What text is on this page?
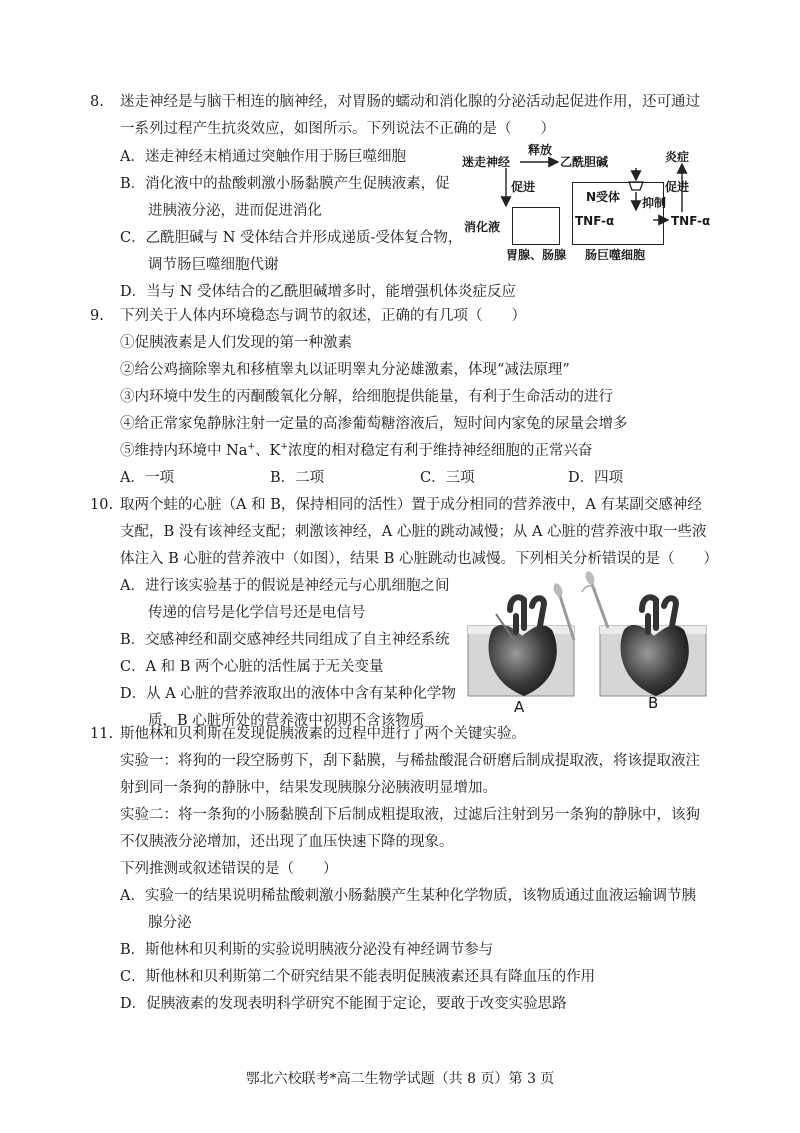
8. 迷走神经是与脑干相连的脑神经，对胃肠的蠕动和消化腺的分泌活动起促进作用，还可通过
一系列过程产生抗炎效应，如图所示。下列说法不正确的是（　　）
A．迷走神经末梢通过突触作用于肠巨噬细胞
B．消化液中的盐酸刺激小肠黏膜产生促胰液素，促
进胰液分泌，进而促进消化
C．乙酰胆碱与 N 受体结合并形成递质-受体复合物，
调节肠巨噬细胞代谢
D．当与 N 受体结合的乙酰胆碱增多时，能增强机体炎症反应
迷走神经
释放
乙酰胆碱
促进
炎症
促进
消化液
胃腺、肠腺
N受体 抑制
TNF-α	TNF-α
肠巨噬细胞
9. 下列关于人体内环境稳态与调节的叙述，正确的有几项（　　）
①促胰液素是人们发现的第一种激素
②给公鸡摘除睾丸和移植睾丸以证明睾丸分泌雄激素，体现“减法原理”
③内环境中发生的丙酮酸氧化分解，给细胞提供能量，有利于生命活动的进行
④给正常家兔静脉注射一定量的高渗葡萄糖溶液后，短时间内家兔的尿量会增多
⑤维持内环境中 Na+、K+浓度的相对稳定有利于维持神经细胞的正常兴奋
A．一项	B．二项	C．三项	D．四项
10. 取两个蛙的心脏（A 和 B，保持相同的活性）置于成分相同的营养液中，A 有某副交感神经
支配，B 没有该神经支配；刺激该神经，A 心脏的跳动减慢；从 A 心脏的营养液中取一些液
体注入 B 心脏的营养液中（如图），结果 B 心脏跳动也减慢。下列相关分析错误的是（　　）
A．进行该实验基于的假说是神经元与心肌细胞之间
传递的信号是化学信号还是电信号
B．交感神经和副交感神经共同组成了自主神经系统
C．A 和 B 两个心脏的活性属于无关变量
D．从 A 心脏的营养液取出的液体中含有某种化学物
质，B 心脏所处的营养液中初期不含该物质
A	B
11. 斯他林和贝利斯在发现促胰液素的过程中进行了两个关键实验。
实验一：将狗的一段空肠剪下，刮下黏膜，与稀盐酸混合研磨后制成提取液，将该提取液注
射到同一条狗的静脉中，结果发现胰腺分泌胰液明显增加。
实验二：将一条狗的小肠黏膜刮下后制成粗提取液，过滤后注射到另一条狗的静脉中，该狗
不仅胰液分泌增加，还出现了血压快速下降的现象。
下列推测或叙述错误的是（　　）
A．实验一的结果说明稀盐酸刺激小肠黏膜产生某种化学物质，该物质通过血液运输调节胰
腺分泌
B．斯他林和贝利斯的实验说明胰液分泌没有神经调节参与
C．斯他林和贝利斯第二个研究结果不能表明促胰液素还具有降血压的作用
D．促胰液素的发现表明科学研究不能囿于定论，要敢于改变实验思路
鄂北六校联考*高二生物学试题（共 8 页）第 3 页
